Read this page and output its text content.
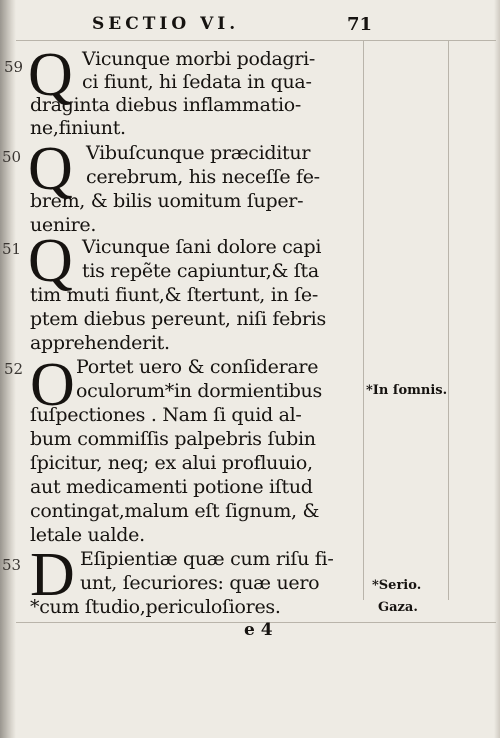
SECTIO VI.	71
59 Q Vicunque morbi podagri-
ci fiunt, hi ſedata in qua-
draginta diebus inflammatio-
ne,finiunt.
50 Q Vibuſcunque præciditur
cerebrum, his neceſſe fe-
brem, & bilis uomitum ſuper-
uenire.
51 Q Vicunque ſani dolore capi
tis repẽte capiuntur,& ſta
tim muti fiunt,& ſtertunt, in ſe-
ptem diebus pereunt, niſi febris
apprehenderit.
52 O Portet uero & conſiderare
oculorum*in dormientibus
ſuſpectiones . Nam ſi quid al-
bum commiſſis palpebris ſubin
ſpicitur, neq; ex alui profluuio,
aut medicamenti potione iſtud
contingat,malum eſt ſignum, &
letale ualde.
*In ſomnis.
53 D Eſipientiæ quæ cum riſu fi-
unt, ſecuriores: quæ uero
*cum ſtudio,periculoſiores.
*Serio.
Gaza.
e 4
